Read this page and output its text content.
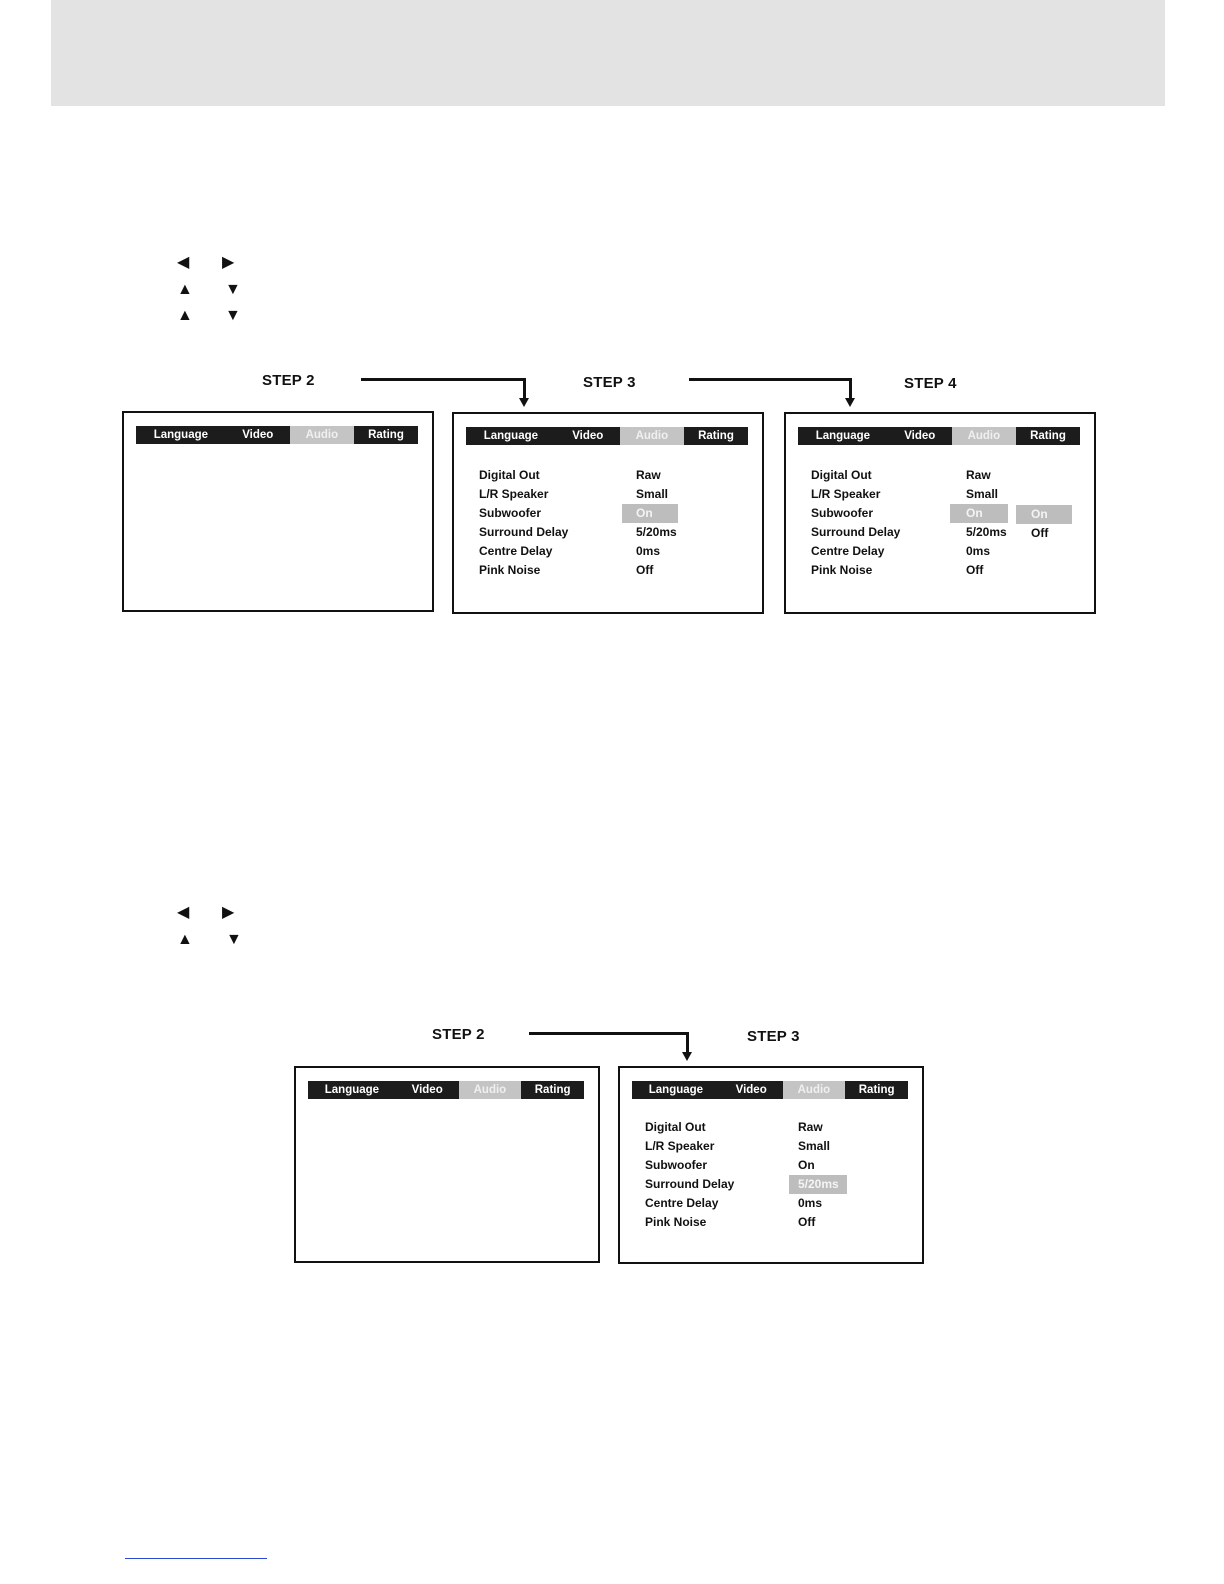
◀ ▶
▲ ▼
▲ ▼
STEP 2	STEP 3	STEP 4
Language	Video	Audio	Rating	Language	Video	Audio	Rating
Digital Out	Raw
L/R Speaker	Small
Subwoofer	On
Surround Delay	5/20ms
Centre Delay	0ms
Pink Noise	Off
Language	Video	Audio	Rating
Digital Out	Raw
L/R Speaker	Small
Subwoofer	On
Surround Delay	5/20ms
Centre Delay	0ms
Pink Noise	Off
On
Off
◀ ▶
▲ ▼
STEP 2	STEP 3
Language	Video	Audio	Rating	Language	Video	Audio	Rating
Digital Out	Raw
L/R Speaker	Small
Subwoofer	On
Surround Delay	5/20ms
Centre Delay	0ms
Pink Noise	Off
